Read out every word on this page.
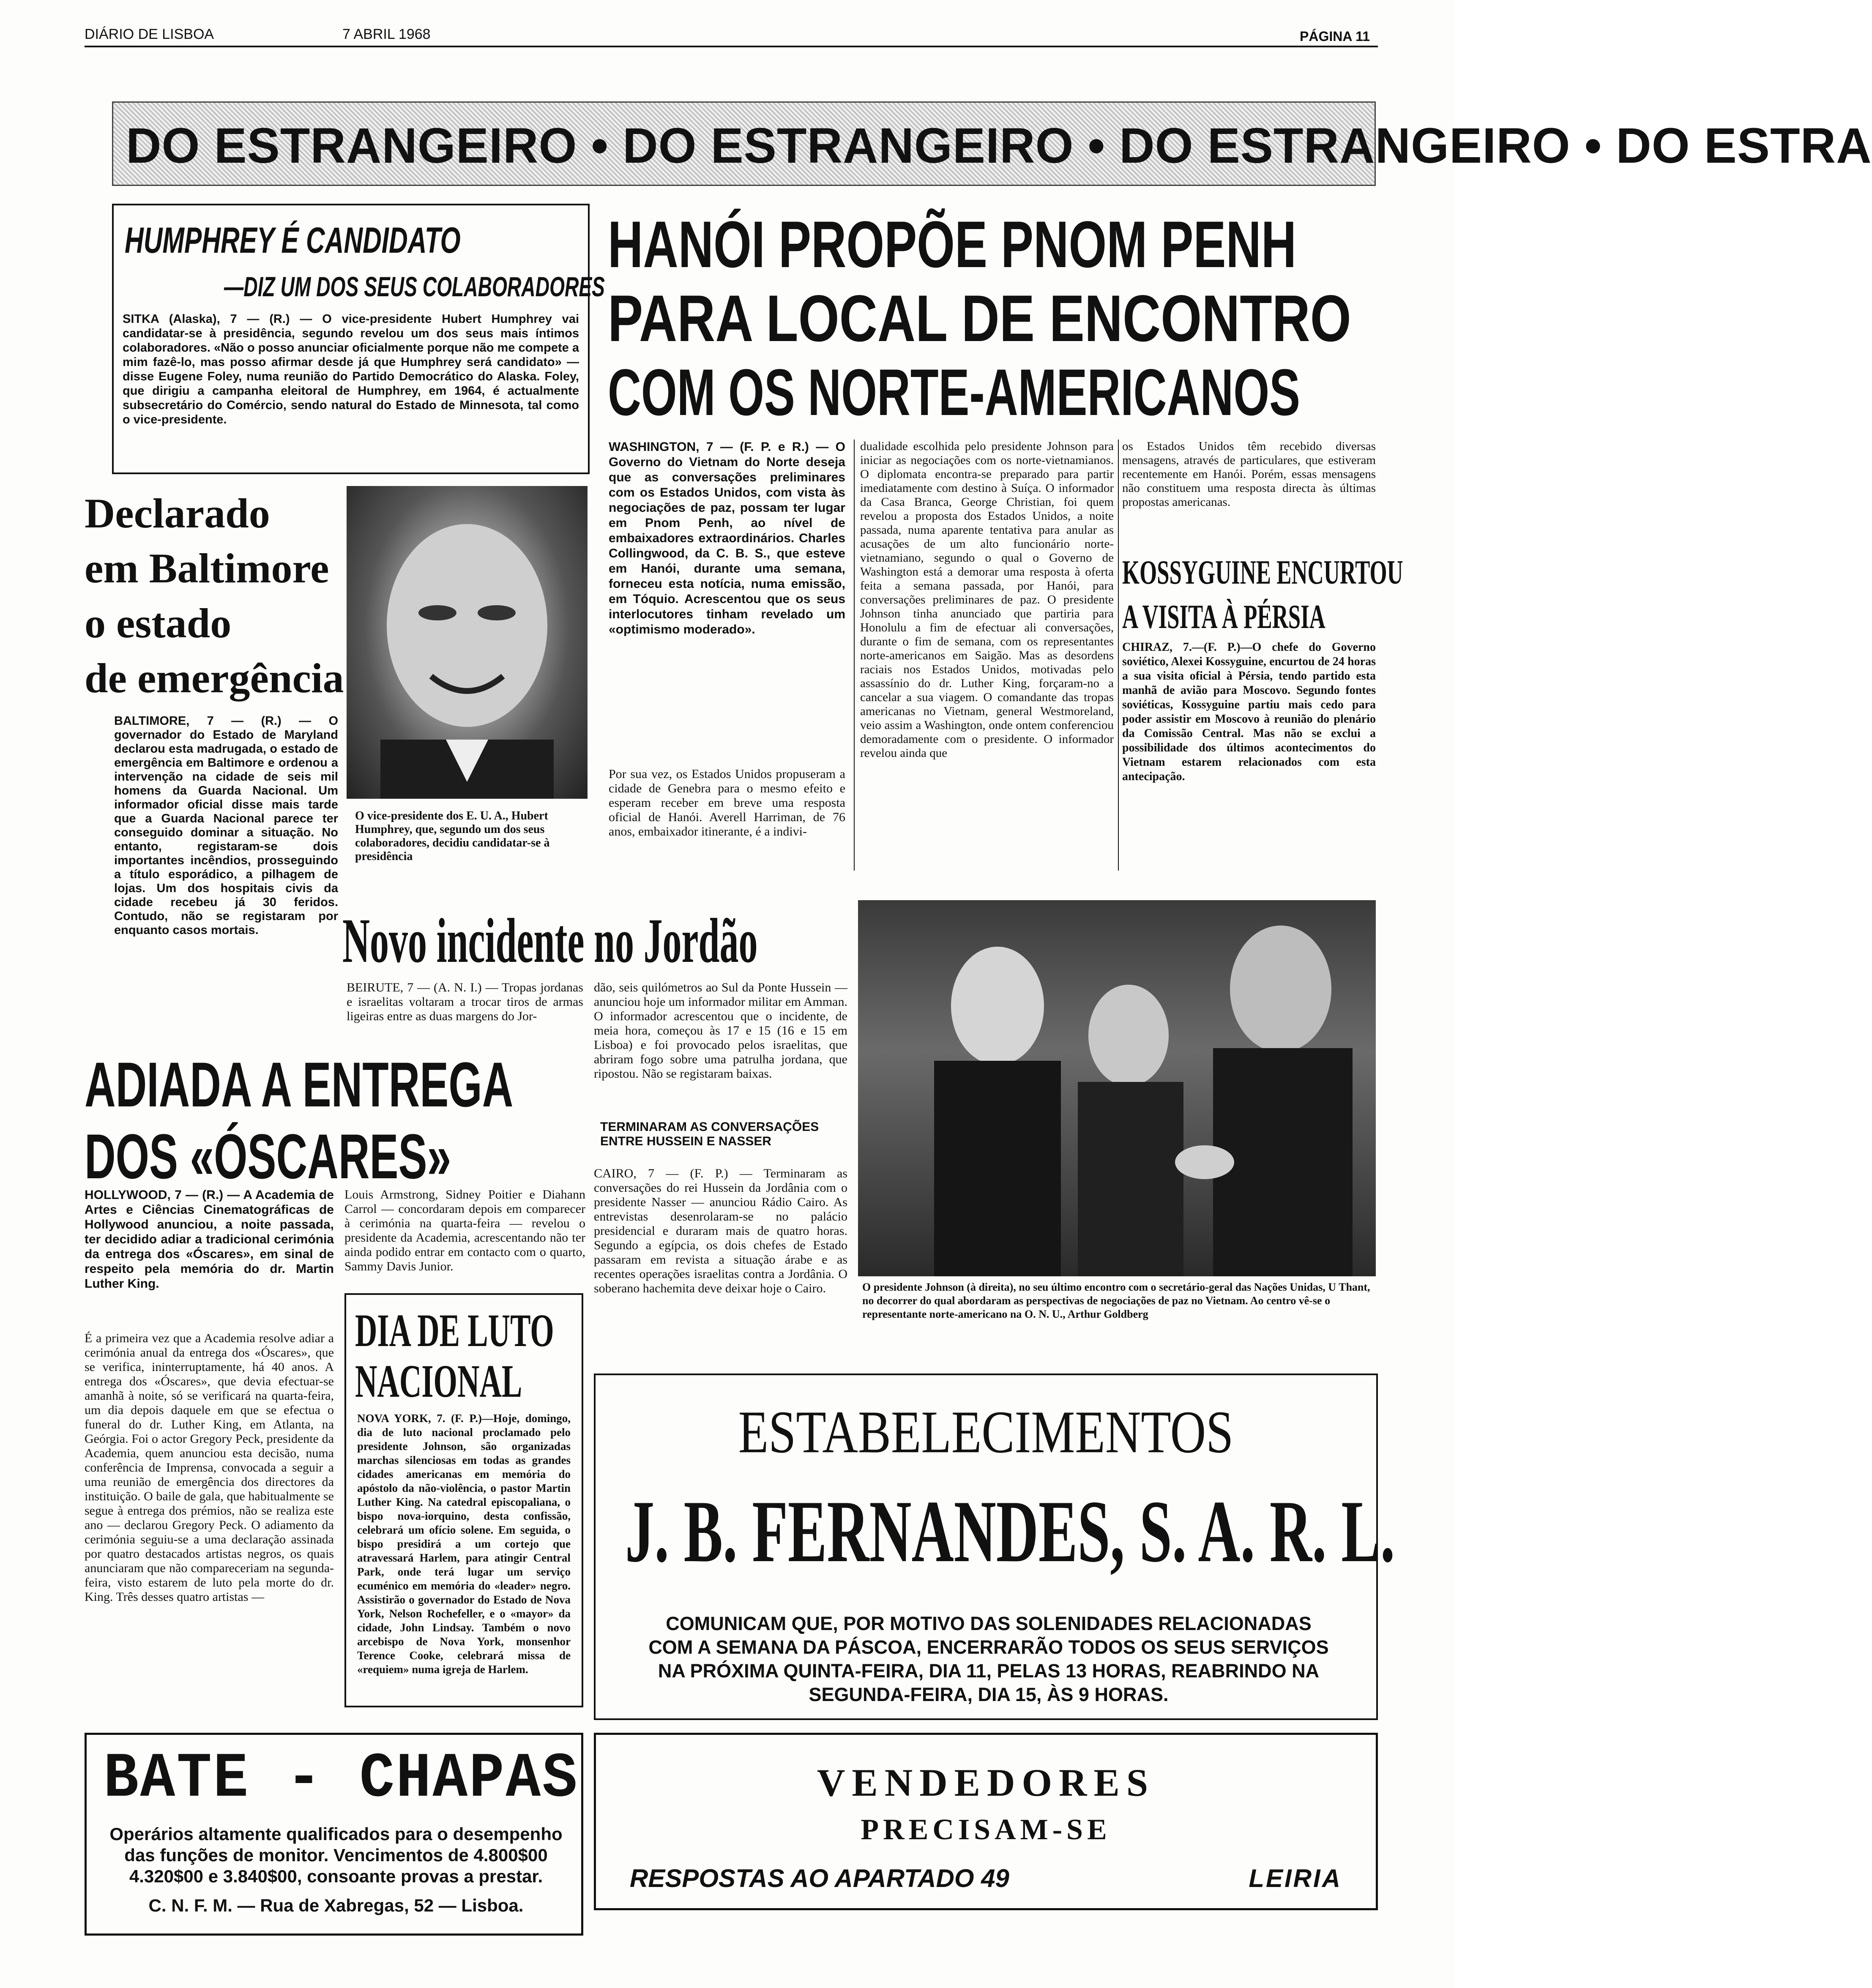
DIÁRIO DE LISBOA	7 ABRIL 1968	PÁGINA 11
DO ESTRANGEIRO • DO ESTRANGEIRO • DO ESTRANGEIRO • DO ESTRA
HUMPHREY É CANDIDATO
—DIZ UM DOS SEUS COLABORADORES
SITKA (Alaska), 7 — (R.) — O vice-presidente Hubert Humphrey vai candidatar-se à presidência, segundo revelou um dos seus mais íntimos colaboradores. «Não o posso anunciar oficialmente porque não me compete a mim fazê-lo, mas posso afirmar desde já que Humphrey será candidato» — disse Eugene Foley, numa reunião do Partido Democrático do Alaska. Foley, que dirigiu a campanha eleitoral de Humphrey, em 1964, é actualmente subsecretário do Comércio, sendo natural do Estado de Minnesota, tal como o vice-presidente.
HANÓI PROPÕE PNOM PENH
PARA LOCAL DE ENCONTRO
COM OS NORTE-AMERICANOS
WASHINGTON, 7 — (F. P. e R.) — O Governo do Vietnam do Norte deseja que as conversações preliminares com os Estados Unidos, com vista às negociações de paz, possam ter lugar em Pnom Penh, ao nível de embaixadores extraordinários. Charles Collingwood, da C. B. S., que esteve em Hanói, durante uma semana, forneceu esta notícia, numa emissão, em Tóquio. Acrescentou que os seus interlocutores tinham revelado um «optimismo moderado».
Por sua vez, os Estados Unidos propuseram a cidade de Genebra para o mesmo efeito e esperam receber em breve uma resposta oficial de Hanói. Averell Harriman, de 76 anos, embaixador itinerante, é a indivi-
dualidade escolhida pelo presidente Johnson para iniciar as negociações com os norte-vietnamianos. O diplomata encontra-se preparado para partir imediatamente com destino à Suíça. O informador da Casa Branca, George Christian, foi quem revelou a proposta dos Estados Unidos, a noite passada, numa aparente tentativa para anular as acusações de um alto funcionário norte-vietnamiano, segundo o qual o Governo de Washington está a demorar uma resposta à oferta feita a semana passada, por Hanói, para conversações preliminares de paz. O presidente Johnson tinha anunciado que partiria para Honolulu a fim de efectuar ali conversações, durante o fim de semana, com os representantes norte-americanos em Saigão. Mas as desordens raciais nos Estados Unidos, motivadas pelo assassínio do dr. Luther King, forçaram-no a cancelar a sua viagem. O comandante das tropas americanas no Vietnam, general Westmoreland, veio assim a Washington, onde ontem conferenciou demoradamente com o presidente. O informador revelou ainda que
os Estados Unidos têm recebido diversas mensagens, através de particulares, que estiveram recentemente em Hanói. Porém, essas mensagens não constituem uma resposta directa às últimas propostas americanas.
KOSSYGUINE ENCURTOU
A VISITA À PÉRSIA
CHIRAZ, 7.—(F. P.)—O chefe do Governo soviético, Alexei Kossyguine, encurtou de 24 horas a sua visita oficial à Pérsia, tendo partido esta manhã de avião para Moscovo. Segundo fontes soviéticas, Kossyguine partiu mais cedo para poder assistir em Moscovo à reunião do plenário da Comissão Central. Mas não se exclui a possibilidade dos últimos acontecimentos do Vietnam estarem relacionados com esta antecipação.
Declarado
em Baltimore
o estado
de emergência
BALTIMORE, 7 — (R.) — O governador do Estado de Maryland declarou esta madrugada, o estado de emergência em Baltimore e ordenou a intervenção na cidade de seis mil homens da Guarda Nacional. Um informador oficial disse mais tarde que a Guarda Nacional parece ter conseguido dominar a situação. No entanto, registaram-se dois importantes incêndios, prosseguindo a título esporádico, a pilhagem de lojas. Um dos hospitais civis da cidade recebeu já 30 feridos. Contudo, não se registaram por enquanto casos mortais.
O vice-presidente dos E. U. A., Hubert Humphrey, que, segundo um dos seus colaboradores, decidiu candidatar-se à presidência
Novo incidente no Jordão
BEIRUTE, 7 — (A. N. I.) — Tropas jordanas e israelitas voltaram a trocar tiros de armas ligeiras entre as duas margens do Jor-
dão, seis quilómetros ao Sul da Ponte Hussein — anunciou hoje um informador militar em Amman. O informador acrescentou que o incidente, de meia hora, começou às 17 e 15 (16 e 15 em Lisboa) e foi provocado pelos israelitas, que abriram fogo sobre uma patrulha jordana, que ripostou. Não se registaram baixas.
TERMINARAM AS CONVERSAÇÕES ENTRE HUSSEIN E NASSER
CAIRO, 7 — (F. P.) — Terminaram as conversações do rei Hussein da Jordânia com o presidente Nasser — anunciou Rádio Cairo. As entrevistas desenrolaram-se no palácio presidencial e duraram mais de quatro horas. Segundo a egípcia, os dois chefes de Estado passaram em revista a situação árabe e as recentes operações israelitas contra a Jordânia. O soberano hachemita deve deixar hoje o Cairo.	O presidente Johnson (à direita), no seu último encontro com o secretário-geral das Nações Unidas, U Thant, no decorrer do qual abordaram as perspectivas de negociações de paz no Vietnam. Ao centro vê-se o representante norte-americano na O. N. U., Arthur Goldberg
ADIADA A ENTREGA
DOS «ÓSCARES»
HOLLYWOOD, 7 — (R.) — A Academia de Artes e Ciências Cinematográficas de Hollywood anunciou, a noite passada, ter decidido adiar a tradicional cerimónia da entrega dos «Óscares», em sinal de respeito pela memória do dr. Martin Luther King.
É a primeira vez que a Academia resolve adiar a cerimónia anual da entrega dos «Óscares», que se verifica, ininterruptamente, há 40 anos. A entrega dos «Óscares», que devia efectuar-se amanhã à noite, só se verificará na quarta-feira, um dia depois daquele em que se efectua o funeral do dr. Luther King, em Atlanta, na Geórgia. Foi o actor Gregory Peck, presidente da Academia, quem anunciou esta decisão, numa conferência de Imprensa, convocada a seguir a uma reunião de emergência dos directores da instituição. O baile de gala, que habitualmente se segue à entrega dos prémios, não se realiza este ano — declarou Gregory Peck. O adiamento da cerimónia seguiu-se a uma declaração assinada por quatro destacados artistas negros, os quais anunciaram que não compareceriam na segunda-feira, visto estarem de luto pela morte do dr. King. Três desses quatro artistas —
Louis Armstrong, Sidney Poitier e Diahann Carrol — concordaram depois em comparecer à cerimónia na quarta-feira — revelou o presidente da Academia, acrescentando não ter ainda podido entrar em contacto com o quarto, Sammy Davis Junior.
DIA DE LUTO
NACIONAL
NOVA YORK, 7. (F. P.)—Hoje, domingo, dia de luto nacional proclamado pelo presidente Johnson, são organizadas marchas silenciosas em todas as grandes cidades americanas em memória do apóstolo da não-violência, o pastor Martin Luther King. Na catedral episcopaliana, o bispo nova-iorquino, desta confissão, celebrará um ofício solene. Em seguida, o bispo presidirá a um cortejo que atravessará Harlem, para atingir Central Park, onde terá lugar um serviço ecuménico em memória do «leader» negro. Assistirão o governador do Estado de Nova York, Nelson Rochefeller, e o «mayor» da cidade, John Lindsay. Também o novo arcebispo de Nova York, monsenhor Terence Cooke, celebrará missa de «requiem» numa igreja de Harlem.
ESTABELECIMENTOS
J. B. FERNANDES, S. A. R. L.
COMUNICAM QUE, POR MOTIVO DAS SOLENIDADES RELACIONADAS COM A SEMANA DA PÁSCOA, ENCERRARÃO TODOS OS SEUS SERVIÇOS NA PRÓXIMA QUINTA-FEIRA, DIA 11, PELAS 13 HORAS, REABRINDO NA SEGUNDA-FEIRA, DIA 15, ÀS 9 HORAS.
BATE - CHAPAS
Operários altamente qualificados para o desempenho das funções de monitor. Vencimentos de 4.800$00 4.320$00 e 3.840$00, consoante provas a prestar.
C. N. F. M. — Rua de Xabregas, 52 — Lisboa.
VENDEDORES
PRECISAM-SE
RESPOSTAS AO APARTADO 49	LEIRIA
